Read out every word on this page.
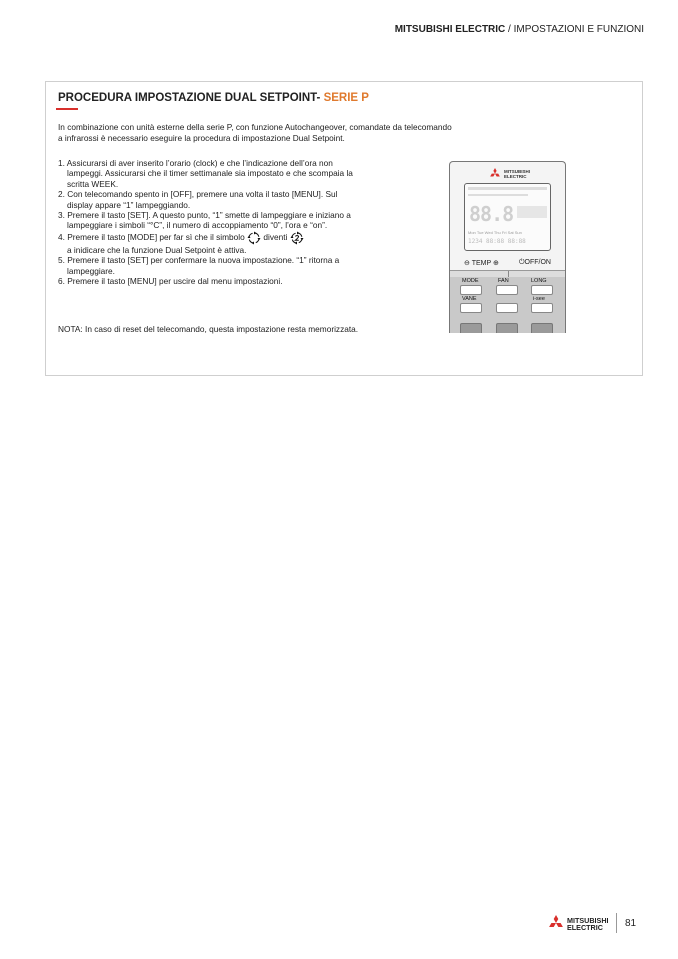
MITSUBISHI ELECTRIC / IMPOSTAZIONI E FUNZIONI
PROCEDURA IMPOSTAZIONE DUAL SETPOINT- SERIE P

In combinazione con unità esterne della serie P, con funzione Autochangeover, comandate da telecomando a infrarossi è necessario eseguire la procedura di impostazione Dual Setpoint.

1. Assicurarsi di aver inserito l’orario (clock) e che l’indicazione dell’ora non lampeggi. Assicurarsi che il timer settimanale sia impostato e che scompaia la scritta WEEK.
2. Con telecomando spento in [OFF], premere una volta il tasto [MENU]. Sul display appare “1” lampeggiando.
3. Premere il tasto [SET]. A questo punto, “1” smette di lampeggiare e iniziano a lampeggiare i simboli “°C”, il numero di accoppiamento “0”, l’ora e “on”.
4. Premere il tasto [MODE] per far sì che il simbolo diventi
a inidicare che la funzione Dual Setpoint è attiva.
5. Premere il tasto [SET] per confermare la nuova impostazione. “1” ritorna a lampeggiare.
6. Premere il tasto [MENU] per uscire dal menu impostazioni.
NOTA: In caso di reset del telecomando, questa impostazione resta memorizzata.
MITSUBISHI
ELECTRIC
88.8
Mon Tue Wed Thu Fri Sat Sun
1234 88:88 88:88
⊖ TEMP ⊕	⏻OFF/ON
MODE	FAN	LONG
VANE	i-see
MITSUBISHI
ELECTRIC	81
